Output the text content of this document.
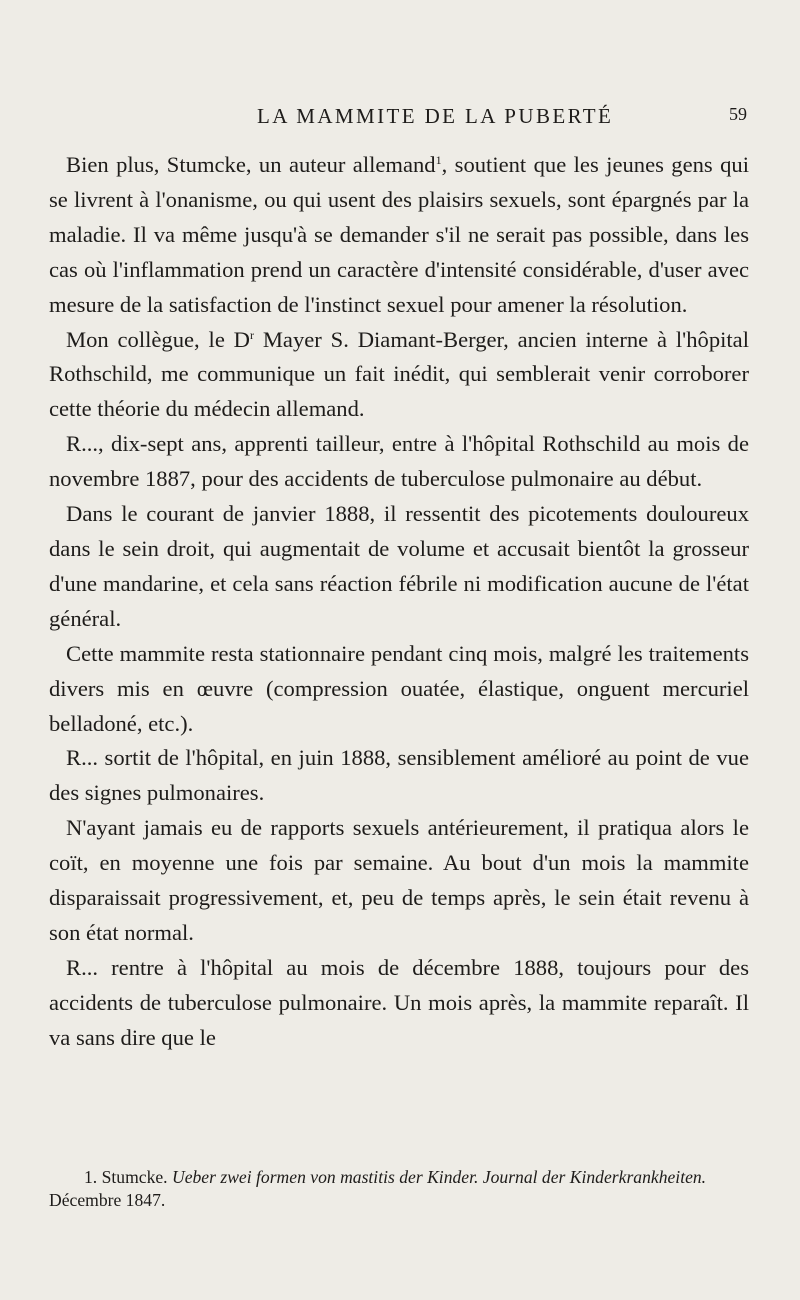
LA MAMMITE DE LA PUBERTÉ	59

Bien plus, Stumcke, un auteur allemand$^1$, soutient que les jeunes gens qui se livrent à l'onanisme, ou qui usent des plaisirs sexuels, sont épargnés par la maladie. Il va même jusqu'à se demander s'il ne serait pas possible, dans les cas où l'inflammation prend un caractère d'intensité considérable, d'user avec mesure de la satisfaction de l'instinct sexuel pour amener la résolution.

Mon collègue, le $D^r$ Mayer S. Diamant-Berger, ancien interne à l'hôpital Rothschild, me communique un fait inédit, qui semblerait venir corroborer cette théorie du médecin allemand.

R..., dix-sept ans, apprenti tailleur, entre à l'hôpital Rothschild au mois de novembre 1887, pour des accidents de tuberculose pulmonaire au début.

Dans le courant de janvier 1888, il ressentit des picotements douloureux dans le sein droit, qui augmentait de volume et accusait bientôt la grosseur d'une mandarine, et cela sans réaction fébrile ni modification aucune de l'état général.

Cette mammite resta stationnaire pendant cinq mois, malgré les traitements divers mis en œuvre (compression ouatée, élastique, onguent mercuriel belladoné, etc.).

R... sortit de l'hôpital, en juin 1888, sensiblement amélioré au point de vue des signes pulmonaires.

N'ayant jamais eu de rapports sexuels antérieurement, il pratiqua alors le coït, en moyenne une fois par semaine. Au bout d'un mois la mammite disparaissait progressivement, et, peu de temps après, le sein était revenu à son état normal.

R... rentre à l'hôpital au mois de décembre 1888, toujours pour des accidents de tuberculose pulmonaire. Un mois après, la mammite reparaît. Il va sans dire que le

1. Stumcke. Ueber zwei formen von mastitis der Kinder. Journal der Kinderkrankheiten. Décembre 1847.
